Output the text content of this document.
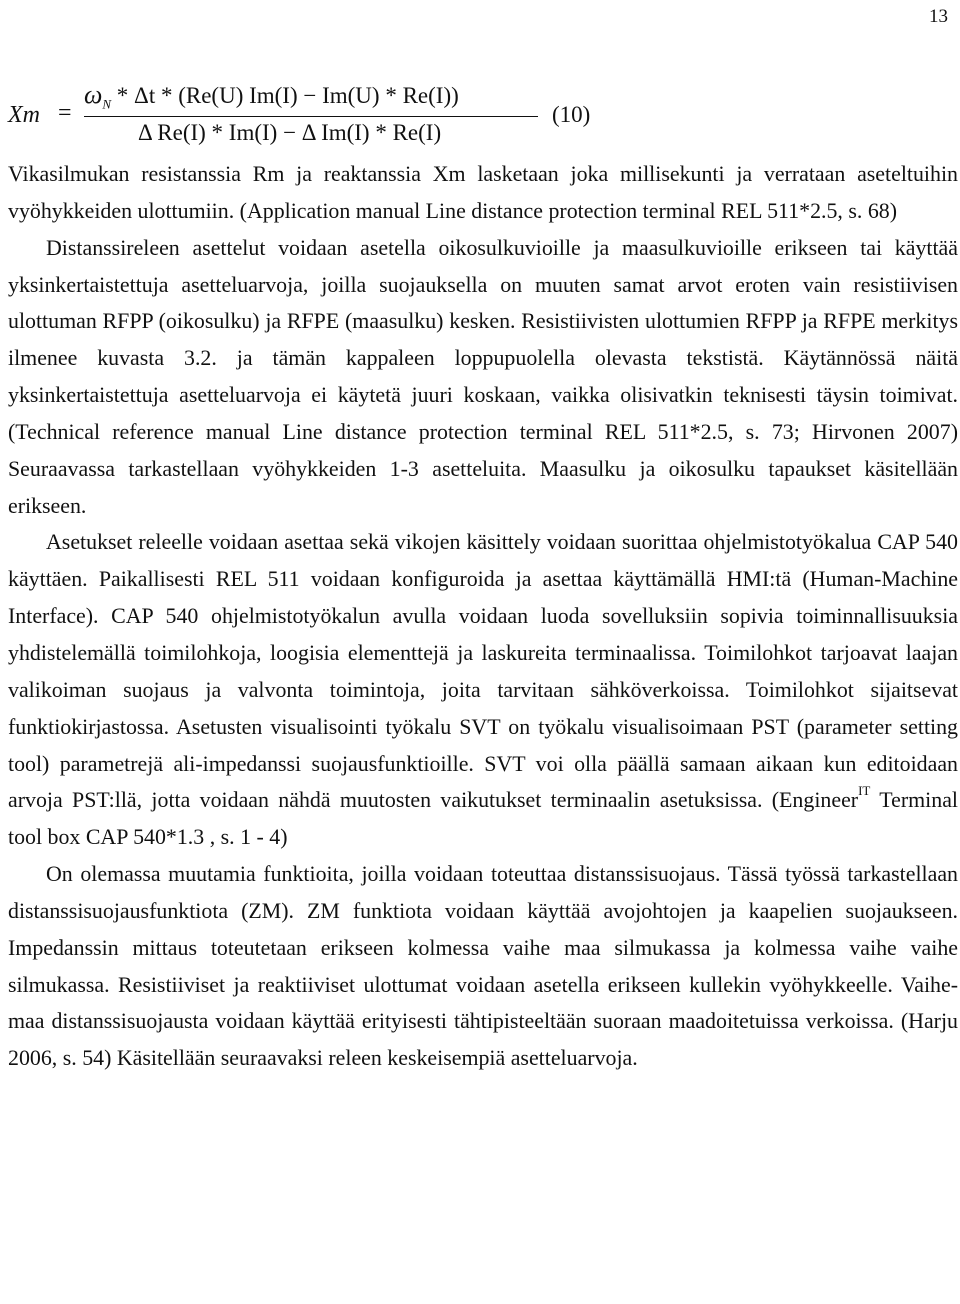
13
Xm =
$\omega_N * \Delta t * (Re(U) Im(I) - Im(U) * Re(I))$
Δ Re(I) * Im(I) − Δ Im(I) * Re(I)
(10)

Vikasilmukan resistanssia Rm ja reaktanssia Xm lasketaan joka millisekunti ja verrataan aseteltuihin vyöhykkeiden ulottumiin. (Application manual Line distance protection terminal REL 511*2.5, s. 68)

Distanssireleen asettelut voidaan asetella oikosulkuvioille ja maasulkuvioille erikseen tai käyttää yksinkertaistettuja asetteluarvoja, joilla suojauksella on muuten samat arvot eroten vain resistiivisen ulottuman RFPP (oikosulku) ja RFPE (maasulku) kesken. Resistiivisten ulottumien RFPP ja RFPE merkitys ilmenee kuvasta 3.2. ja tämän kappaleen loppupuolella olevasta tekstistä. Käytännössä näitä yksinkertaistettuja asetteluarvoja ei käytetä juuri koskaan, vaikka olisivatkin teknisesti täysin toimivat. (Technical reference manual Line distance protection terminal REL 511*2.5, s. 73; Hirvonen 2007) Seuraavassa tarkastellaan vyöhykkeiden 1-3 asetteluita. Maasulku ja oikosulku tapaukset käsitellään erikseen.

Asetukset releelle voidaan asettaa sekä vikojen käsittely voidaan suorittaa ohjelmistotyökalua CAP 540 käyttäen. Paikallisesti REL 511 voidaan konfiguroida ja asettaa käyttämällä HMI:tä (Human-Machine Interface). CAP 540 ohjelmistotyökalun avulla voidaan luoda sovelluksiin sopivia toiminnallisuuksia yhdistelemällä toimilohkoja, loogisia elementtejä ja laskureita terminaalissa. Toimilohkot tarjoavat laajan valikoiman suojaus ja valvonta toimintoja, joita tarvitaan sähköverkoissa. Toimilohkot sijaitsevat funktiokirjastossa. Asetusten visualisointi työkalu SVT on työkalu visualisoimaan PST (parameter setting tool) parametrejä ali-impedanssi suojausfunktioille. SVT voi olla päällä samaan aikaan kun editoidaan arvoja PST:llä, jotta voidaan nähdä muutosten vaikutukset terminaalin asetuksissa. (Engineer$^{IT}$ Terminal tool box CAP 540*1.3 , s. 1 - 4)

On olemassa muutamia funktioita, joilla voidaan toteuttaa distanssisuojaus. Tässä työssä tarkastellaan distanssisuojausfunktiota (ZM). ZM funktiota voidaan käyttää avojohtojen ja kaapelien suojaukseen. Impedanssin mittaus toteutetaan erikseen kolmessa vaihe maa silmukassa ja kolmessa vaihe vaihe silmukassa. Resistiiviset ja reaktiiviset ulottumat voidaan asetella erikseen kullekin vyöhykkeelle. Vaihe-maa distanssisuojausta voidaan käyttää erityisesti tähtipisteeltään suoraan maadoitetuissa verkoissa. (Harju 2006, s. 54) Käsitellään seuraavaksi releen keskeisempiä asetteluarvoja.
